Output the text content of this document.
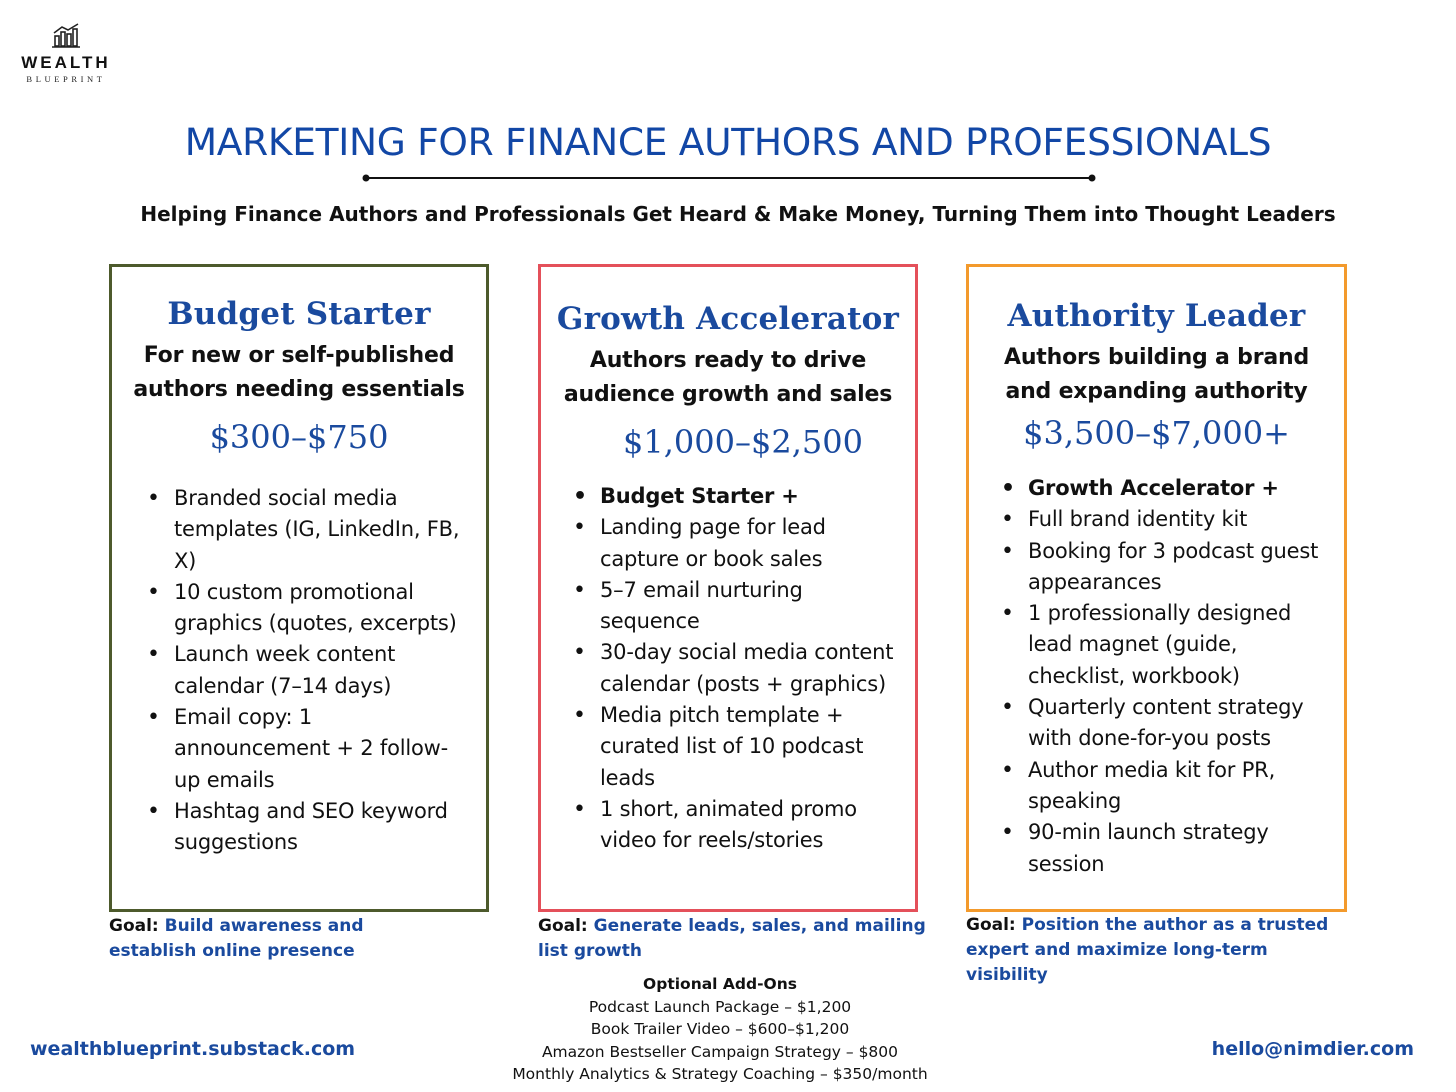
WEALTH
BLUEPRINT
MARKETING FOR FINANCE AUTHORS AND PROFESSIONALS
Helping Finance Authors and Professionals Get Heard & Make Money, Turning Them into Thought Leaders
Budget Starter
For new or self-published
authors needing essentials
$300–$750
• Branded social media templates (IG, LinkedIn, FB, X)
• 10 custom promotional graphics (quotes, excerpts)
• Launch week content calendar (7–14 days)
• Email copy: 1 announcement + 2 follow-up emails
• Hashtag and SEO keyword suggestions
Growth Accelerator
Authors ready to drive
audience growth and sales
$1,000–$2,500
• Budget Starter +
• Landing page for lead capture or book sales
• 5–7 email nurturing sequence
• 30-day social media content calendar (posts + graphics)
• Media pitch template + curated list of 10 podcast leads
• 1 short, animated promo video for reels/stories
Authority Leader
Authors building a brand
and expanding authority
$3,500–$7,000+
• Growth Accelerator +
• Full brand identity kit
• Booking for 3 podcast guest appearances
• 1 professionally designed lead magnet (guide, checklist, workbook)
• Quarterly content strategy with done-for-you posts
• Author media kit for PR, speaking
• 90-min launch strategy session
Goal: Build awareness and establish online presence
Goal: Generate leads, sales, and mailing list growth
Goal: Position the author as a trusted expert and maximize long-term visibility
Optional Add-Ons
Podcast Launch Package – $1,200
Book Trailer Video – $600–$1,200
Amazon Bestseller Campaign Strategy – $800
Monthly Analytics & Strategy Coaching – $350/month
wealthblueprint.substack.com	hello@nimdier.com
